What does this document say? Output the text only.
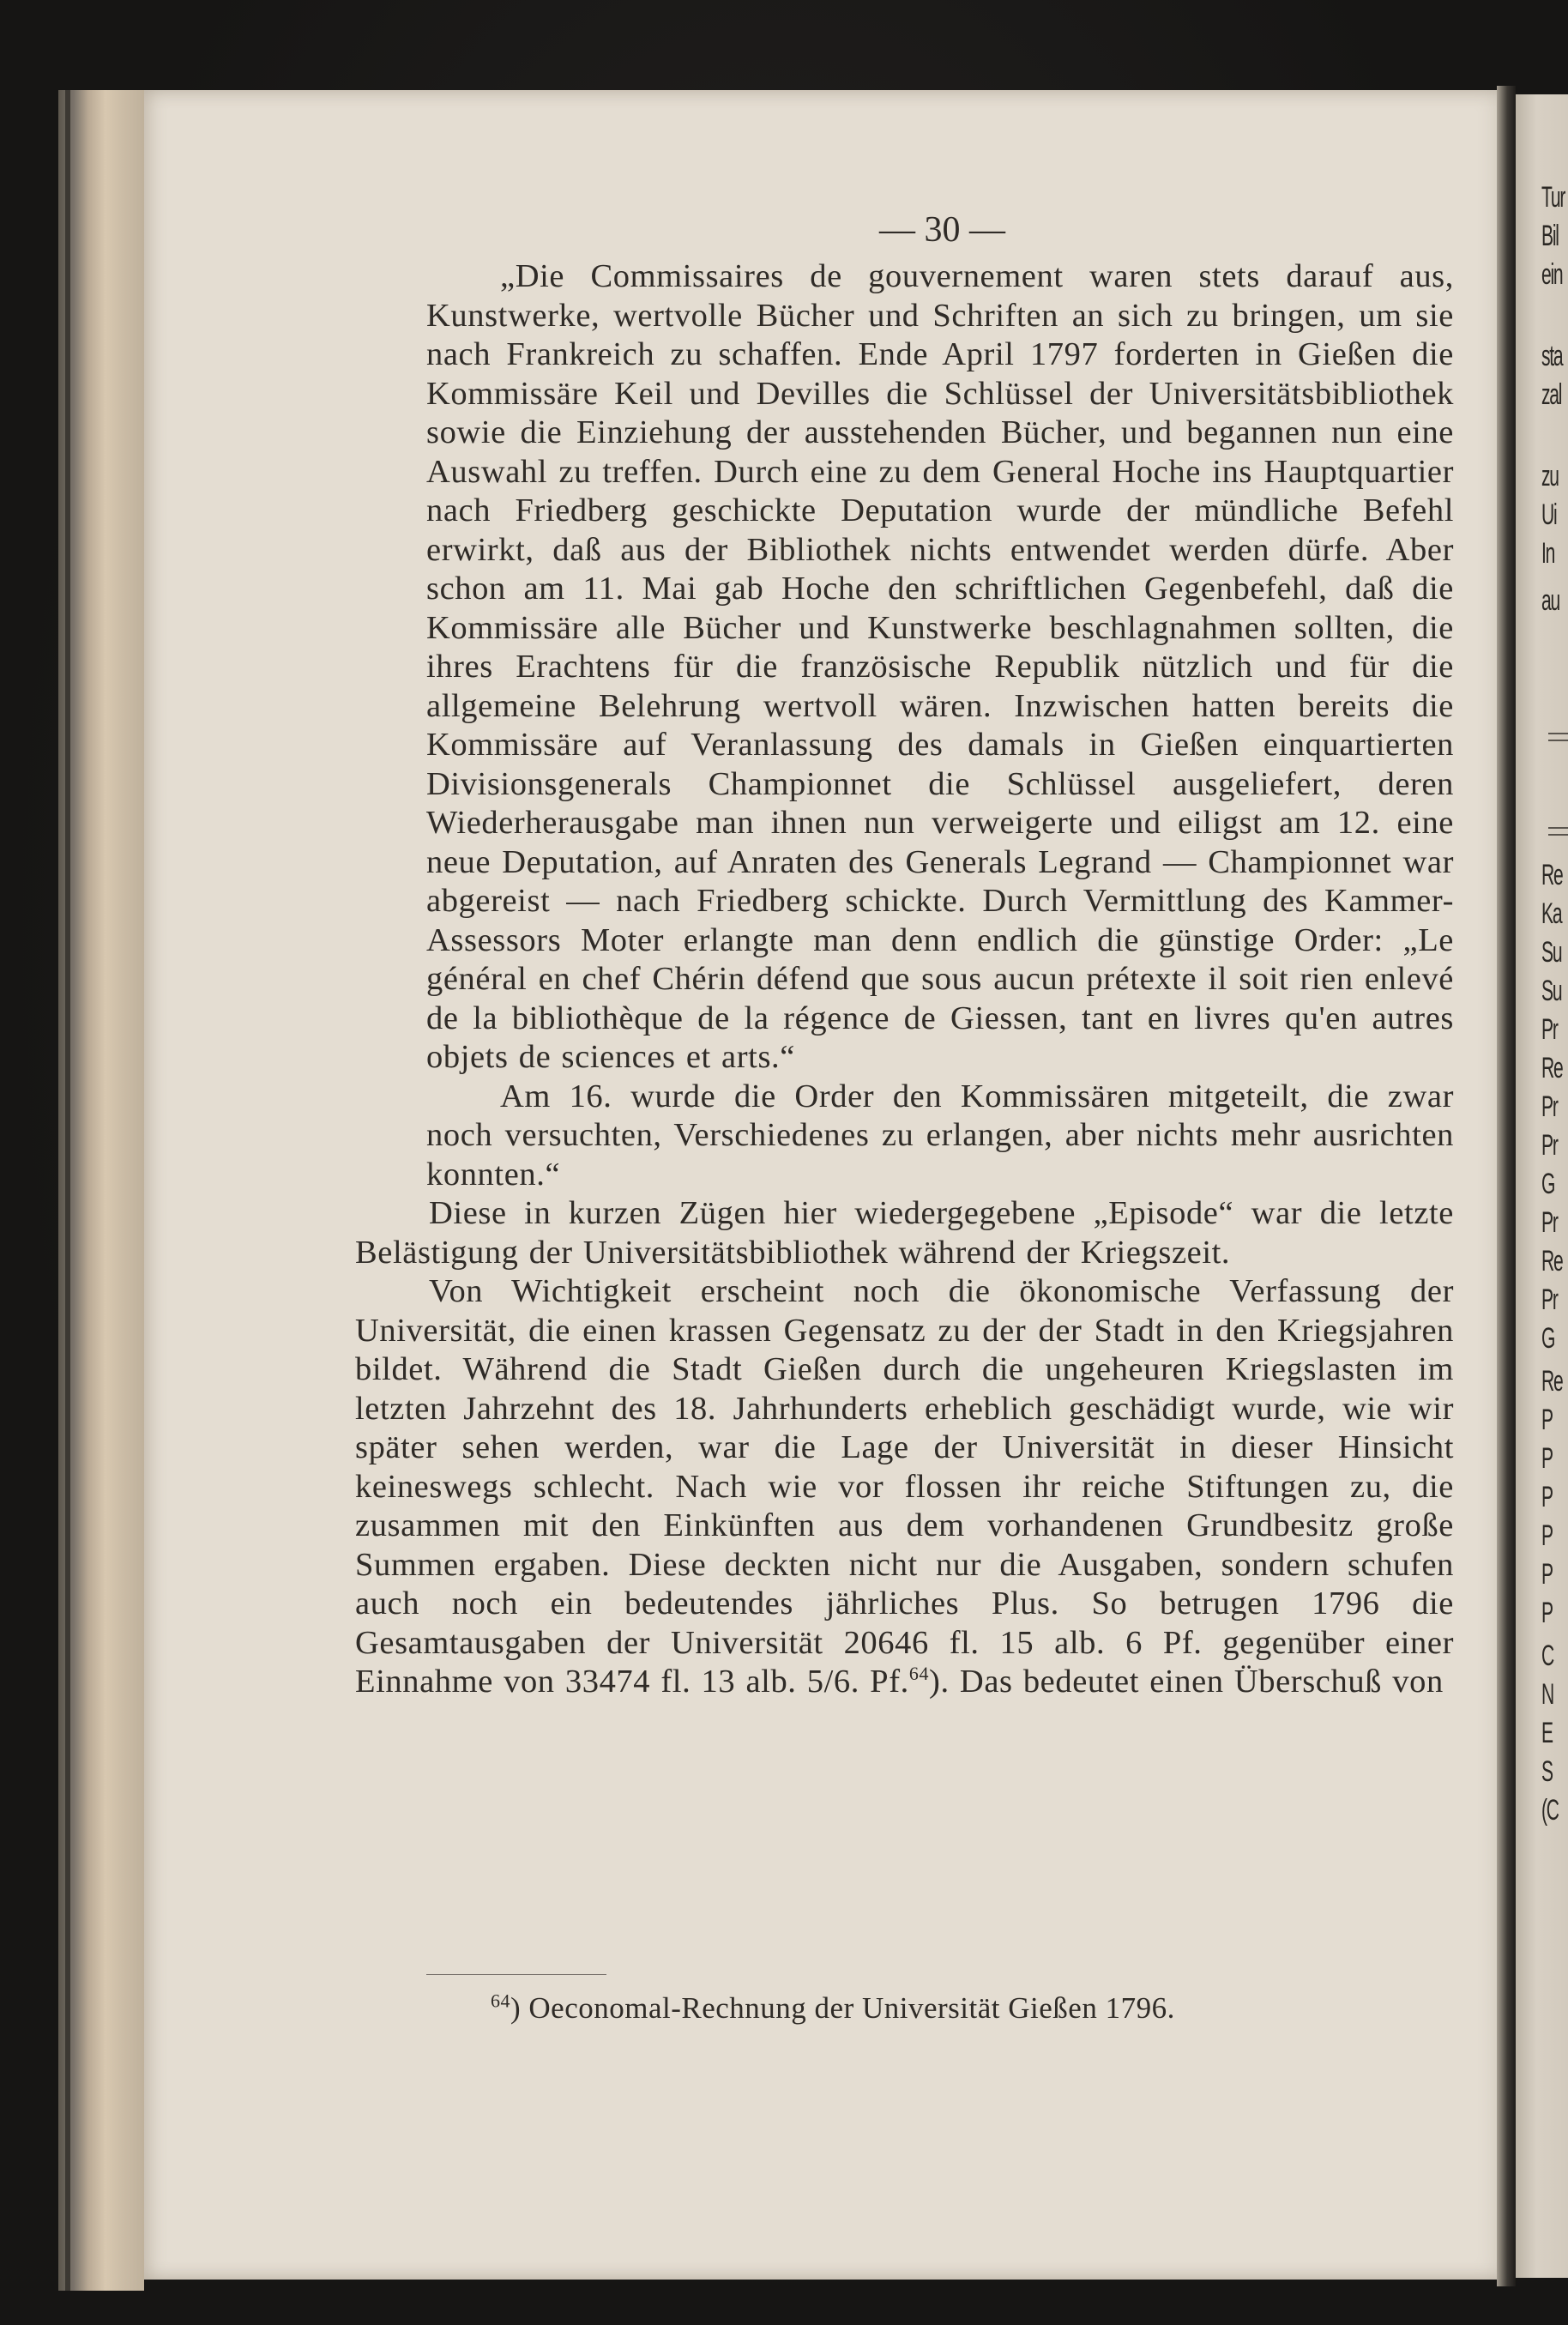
Tur
Bil
ein
sta
zal
zu
Ui
In
au
Re
Ka
Su
Su
Pr
Re
Pr
Pr
G
Pr
Re
Pr
G
Re
P
P
P
P
P
P
C
N
E
S
(C
— 30 —

„Die Commissaires de gouvernement waren stets darauf aus, Kunstwerke, wertvolle Bücher und Schriften an sich zu bringen, um sie nach Frankreich zu schaffen. Ende April 1797 forderten in Gießen die Kommissäre Keil und Devilles die Schlüssel der Universitätsbibliothek sowie die Einziehung der ausstehenden Bücher, und begannen nun eine Auswahl zu treffen. Durch eine zu dem General Hoche ins Hauptquartier nach Friedberg geschickte Deputation wurde der mündliche Befehl erwirkt, daß aus der Bibliothek nichts entwendet werden dürfe. Aber schon am 11. Mai gab Hoche den schriftlichen Gegenbefehl, daß die Kommissäre alle Bücher und Kunstwerke beschlagnahmen sollten, die ihres Erachtens für die französische Republik nützlich und für die allgemeine Belehrung wertvoll wären. Inzwischen hatten bereits die Kommissäre auf Veranlassung des damals in Gießen einquartierten Divisionsgenerals Championnet die Schlüssel ausgeliefert, deren Wiederherausgabe man ihnen nun verweigerte und eiligst am 12. eine neue Deputation, auf Anraten des Generals Legrand — Championnet war abgereist — nach Friedberg schickte. Durch Vermittlung des Kammer-Assessors Moter erlangte man denn endlich die günstige Order: „Le général en chef Chérin défend que sous aucun prétexte il soit rien enlevé de la bibliothèque de la régence de Giessen, tant en livres qu'en autres objets de sciences et arts.“

Am 16. wurde die Order den Kommissären mitgeteilt, die zwar noch versuchten, Verschiedenes zu erlangen, aber nichts mehr ausrichten konnten.“

Diese in kurzen Zügen hier wiedergegebene „Episode“ war die letzte Belästigung der Universitätsbibliothek während der Kriegszeit.

Von Wichtigkeit erscheint noch die ökonomische Verfassung der Universität, die einen krassen Gegensatz zu der der Stadt in den Kriegsjahren bildet. Während die Stadt Gießen durch die ungeheuren Kriegslasten im letzten Jahrzehnt des 18. Jahrhunderts erheblich geschädigt wurde, wie wir später sehen werden, war die Lage der Universität in dieser Hinsicht keineswegs schlecht. Nach wie vor flossen ihr reiche Stiftungen zu, die zusammen mit den Einkünften aus dem vorhandenen Grundbesitz große Summen ergaben. Diese deckten nicht nur die Ausgaben, sondern schufen auch noch ein bedeutendes jährliches Plus. So betrugen 1796 die Gesamtausgaben der Universität 20646 fl. 15 alb. 6 Pf. gegenüber einer Einnahme von 33474 fl. 13 alb. 5/6. Pf.$^{64}$). Das bedeutet einen Überschuß von

$^{64}$) Oeconomal-Rechnung der Universität Gießen 1796.
